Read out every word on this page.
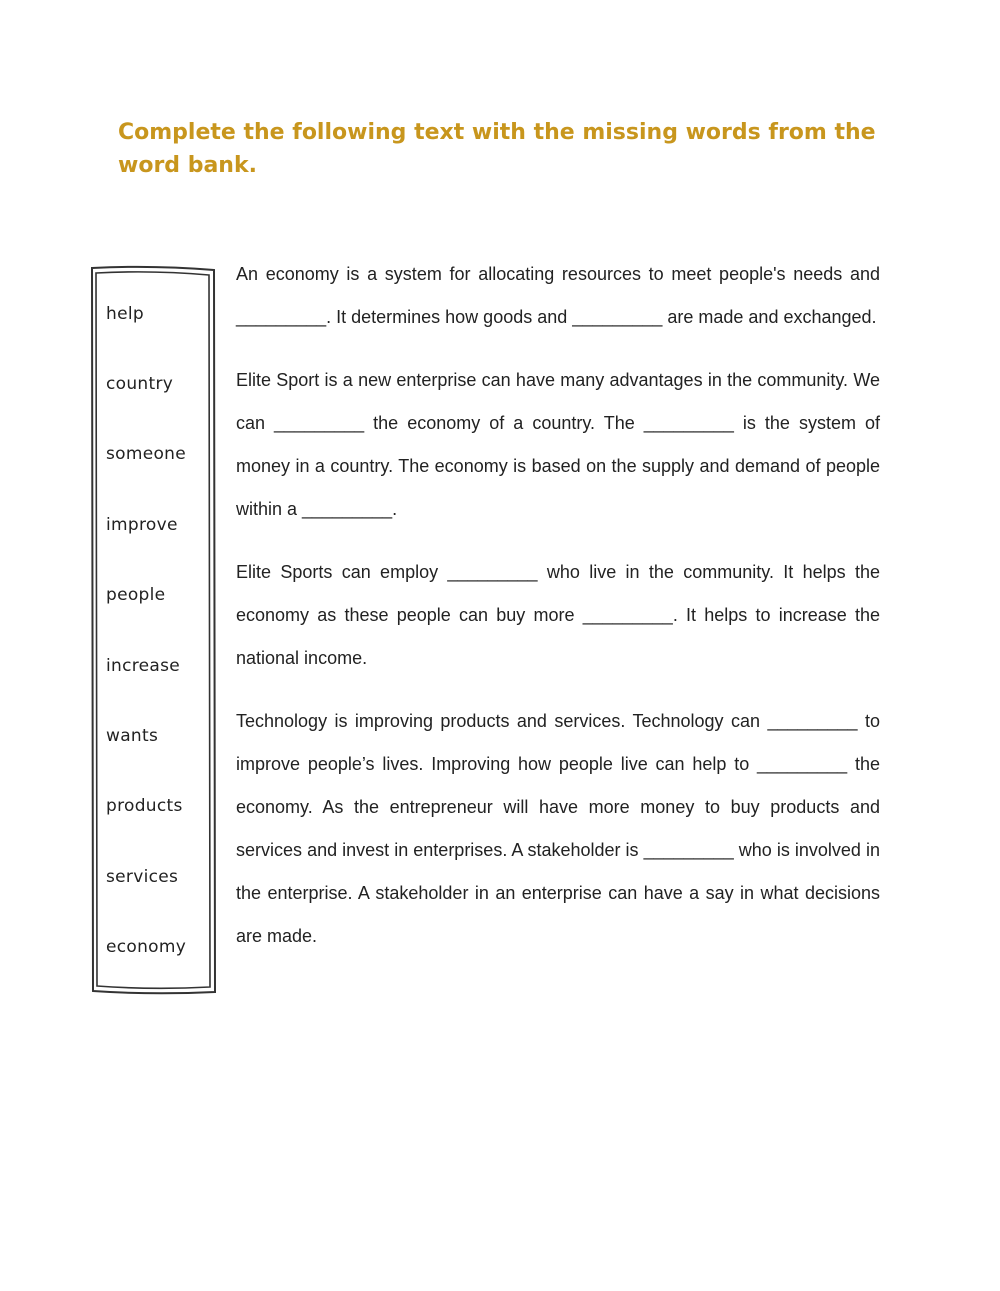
Complete the following text with the missing words from the word bank.
help
country
someone
improve
people
increase
wants
products
services
economy

An economy is a system for allocating resources to meet people's needs and _________. It determines how goods and _________ are made and exchanged.

Elite Sport is a new enterprise can have many advantages in the community. We can _________ the economy of a country. The _________ is the system of money in a country. The economy is based on the supply and demand of people within a _________.

Elite Sports can employ _________ who live in the community. It helps the economy as these people can buy more _________. It helps to increase the national income.

Technology is improving products and services. Technology can _________ to improve people’s lives. Improving how people live can help to _________ the economy. As the entrepreneur will have more money to buy products and services and invest in enterprises. A stakeholder is _________ who is involved in the enterprise. A stakeholder in an enterprise can have a say in what decisions are made.
